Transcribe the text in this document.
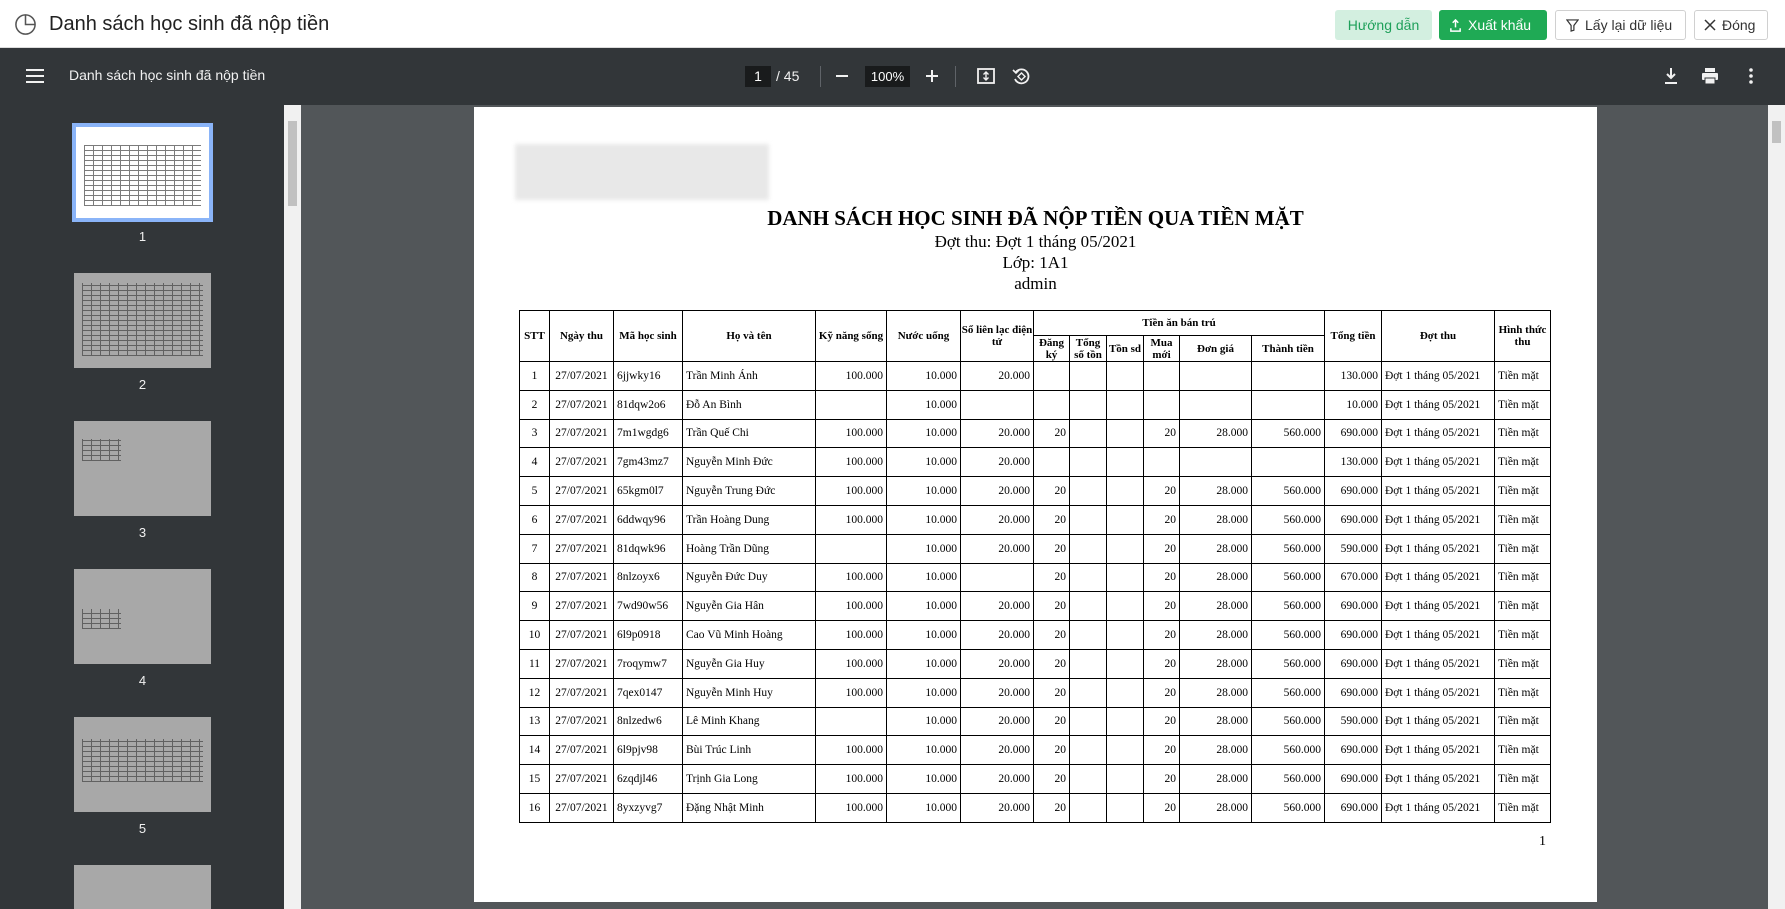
Danh sách học sinh đã nộp tiền	Hướng dẫn	Xuất khẩu	Lấy lại dữ liệu	Đóng
Danh sách học sinh đã nộp tiền	1	/ 45	100%
1
2
3
4
5
DANH SÁCH HỌC SINH ĐÃ NỘP TIỀN QUA TIỀN MẶT
Đợt thu: Đợt 1 tháng 05/2021
Lớp: 1A1
admin
STT	Ngày thu	Mã học sinh	Họ và tên	Kỹ năng sống	Nước uống	Sổ liên lạc điện tử	Tiền ăn bán trú						Tổng tiền	Đợt thu	Hình thức thu
							Đăng ký	Tổng số tồn	Tồn sd	Mua mới	Đơn giá	Thành tiền			
1	27/07/2021	6jjwky16	Trần Minh Ánh	100.000	10.000	20.000							130.000	Đợt 1 tháng 05/2021	Tiền mặt
2	27/07/2021	81dqw2o6	Đỗ An Bình		10.000								10.000	Đợt 1 tháng 05/2021	Tiền mặt
3	27/07/2021	7m1wgdg6	Trần Quế Chi	100.000	10.000	20.000	20			20	28.000	560.000	690.000	Đợt 1 tháng 05/2021	Tiền mặt
4	27/07/2021	7gm43mz7	Nguyễn Minh Đức	100.000	10.000	20.000							130.000	Đợt 1 tháng 05/2021	Tiền mặt
5	27/07/2021	65kgm0l7	Nguyễn Trung Đức	100.000	10.000	20.000	20			20	28.000	560.000	690.000	Đợt 1 tháng 05/2021	Tiền mặt
6	27/07/2021	6ddwqy96	Trần Hoàng Dung	100.000	10.000	20.000	20			20	28.000	560.000	690.000	Đợt 1 tháng 05/2021	Tiền mặt
7	27/07/2021	81dqwk96	Hoàng Trần Dũng		10.000	20.000	20			20	28.000	560.000	590.000	Đợt 1 tháng 05/2021	Tiền mặt
8	27/07/2021	8nlzoyx6	Nguyễn Đức Duy	100.000	10.000		20			20	28.000	560.000	670.000	Đợt 1 tháng 05/2021	Tiền mặt
9	27/07/2021	7wd90w56	Nguyễn Gia Hân	100.000	10.000	20.000	20			20	28.000	560.000	690.000	Đợt 1 tháng 05/2021	Tiền mặt
10	27/07/2021	6l9p0918	Cao Vũ Minh Hoàng	100.000	10.000	20.000	20			20	28.000	560.000	690.000	Đợt 1 tháng 05/2021	Tiền mặt
11	27/07/2021	7roqymw7	Nguyễn Gia Huy	100.000	10.000	20.000	20			20	28.000	560.000	690.000	Đợt 1 tháng 05/2021	Tiền mặt
12	27/07/2021	7qex0147	Nguyễn Minh Huy	100.000	10.000	20.000	20			20	28.000	560.000	690.000	Đợt 1 tháng 05/2021	Tiền mặt
13	27/07/2021	8nlzedw6	Lê Minh Khang		10.000	20.000	20			20	28.000	560.000	590.000	Đợt 1 tháng 05/2021	Tiền mặt
14	27/07/2021	6l9pjv98	Bùi Trúc Linh	100.000	10.000	20.000	20			20	28.000	560.000	690.000	Đợt 1 tháng 05/2021	Tiền mặt
15	27/07/2021	6zqdjl46	Trịnh Gia Long	100.000	10.000	20.000	20			20	28.000	560.000	690.000	Đợt 1 tháng 05/2021	Tiền mặt
16	27/07/2021	8yxzyvg7	Đặng Nhật Minh	100.000	10.000	20.000	20			20	28.000	560.000	690.000	Đợt 1 tháng 05/2021	Tiền mặt
1
